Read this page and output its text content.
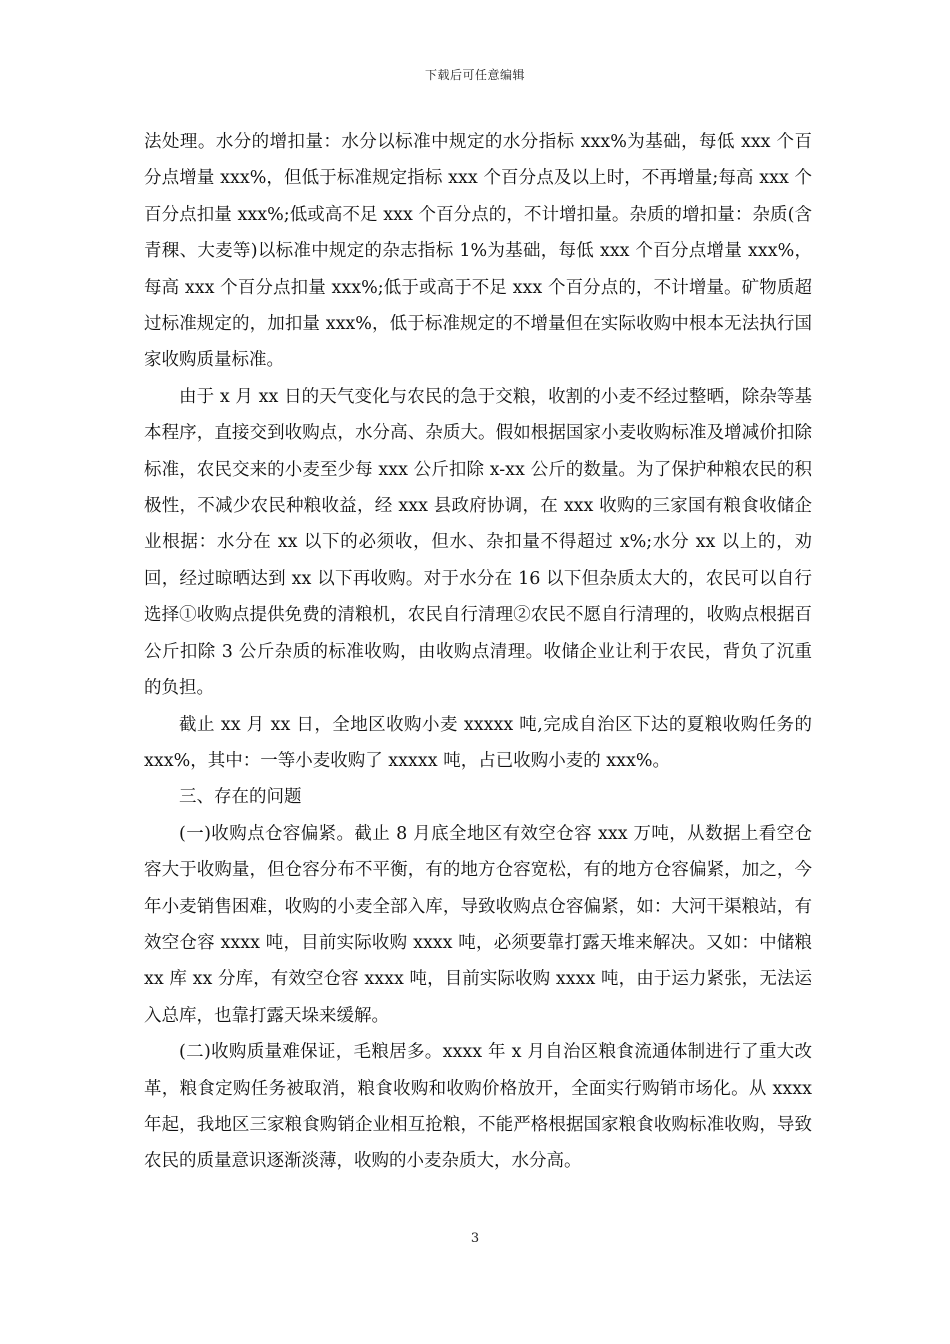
下载后可任意编辑

法处理。水分的增扣量：水分以标准中规定的水分指标 xxx%为基础，每低 xxx 个百分点增量 xxx%，但低于标准规定指标 xxx 个百分点及以上时，不再增量;每高 xxx 个百分点扣量 xxx%;低或高不足 xxx 个百分点的，不计增扣量。杂质的增扣量：杂质(含青稞、大麦等)以标准中规定的杂志指标 1%为基础，每低 xxx 个百分点增量 xxx%，每高 xxx 个百分点扣量 xxx%;低于或高于不足 xxx 个百分点的，不计增量。矿物质超过标准规定的，加扣量 xxx%，低于标准规定的不增量但在实际收购中根本无法执行国家收购质量标准。

由于 x 月 xx 日的天气变化与农民的急于交粮，收割的小麦不经过整晒，除杂等基本程序，直接交到收购点，水分高、杂质大。假如根据国家小麦收购标准及增减价扣除标准，农民交来的小麦至少每 xxx 公斤扣除 x-xx 公斤的数量。为了保护种粮农民的积极性，不减少农民种粮收益，经 xxx 县政府协调，在 xxx 收购的三家国有粮食收储企业根据：水分在 xx 以下的必须收，但水、杂扣量不得超过 x%;水分 xx 以上的，劝回，经过晾晒达到 xx 以下再收购。对于水分在 16 以下但杂质太大的，农民可以自行选择①收购点提供免费的清粮机，农民自行清理②农民不愿自行清理的，收购点根据百公斤扣除 3 公斤杂质的标准收购，由收购点清理。收储企业让利于农民，背负了沉重的负担。

截止 xx 月 xx 日，全地区收购小麦 xxxxx 吨,完成自治区下达的夏粮收购任务的 xxx%，其中：一等小麦收购了 xxxxx 吨，占已收购小麦的 xxx%。

三、存在的问题

(一)收购点仓容偏紧。截止 8 月底全地区有效空仓容 xxx 万吨，从数据上看空仓容大于收购量，但仓容分布不平衡，有的地方仓容宽松，有的地方仓容偏紧，加之，今年小麦销售困难，收购的小麦全部入库，导致收购点仓容偏紧，如：大河干渠粮站，有效空仓容 xxxx 吨，目前实际收购 xxxx 吨，必须要靠打露天堆来解决。又如：中储粮 xx 库 xx 分库，有效空仓容 xxxx 吨，目前实际收购 xxxx 吨，由于运力紧张，无法运入总库，也靠打露天垛来缓解。

(二)收购质量难保证，毛粮居多。xxxx 年 x 月自治区粮食流通体制进行了重大改革，粮食定购任务被取消，粮食收购和收购价格放开，全面实行购销市场化。从 xxxx 年起，我地区三家粮食购销企业相互抢粮，不能严格根据国家粮食收购标准收购，导致农民的质量意识逐渐淡薄，收购的小麦杂质大，水分高。

3
